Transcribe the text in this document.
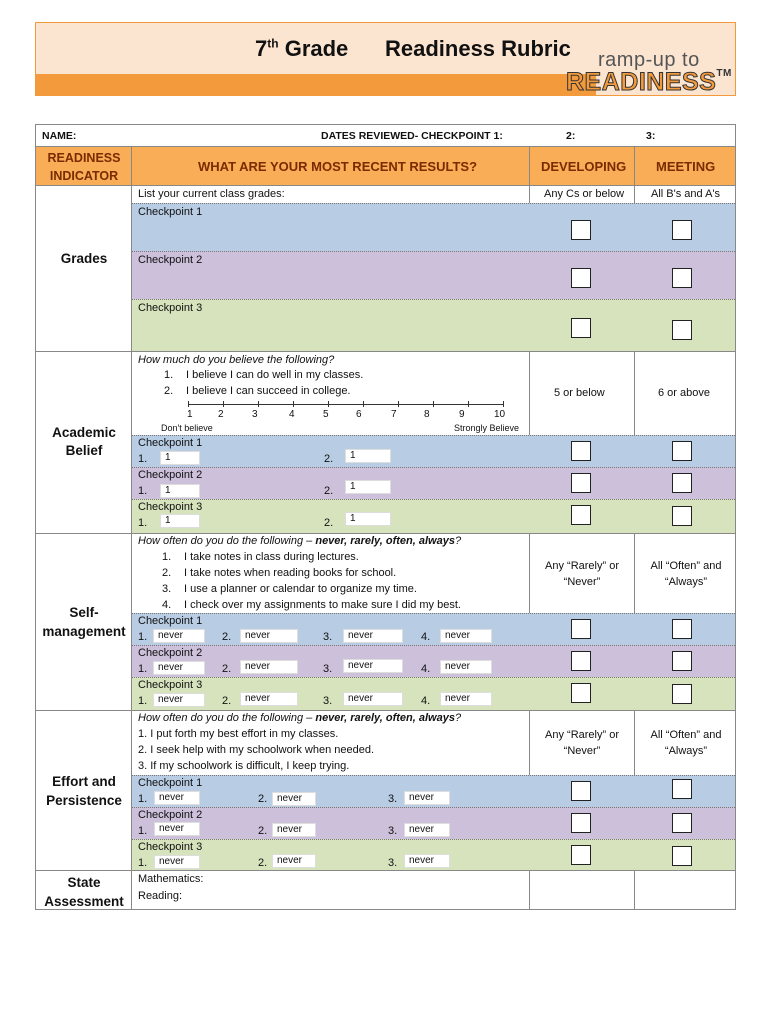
7th Grade Readiness Rubric ramp-up to
READINESS™
NAME:	DATES REVIEWED- CHECKPOINT 1:	2:	3:
READINESS INDICATOR
WHAT ARE YOUR MOST RECENT RESULTS?	DEVELOPING MEETING
Grades
List your current class grades:	Any Cs or below All B's and A's
Checkpoint 1
Checkpoint 2
Checkpoint 3
Academic Belief
How much do you believe the following?
1. I believe I can do well in my classes.
2. I believe I can succeed in college.	5 or below	6 or above
1	2	3	4	5	6	7	8	9	10
Don't believe	Strongly Believe
Checkpoint 1
1.	1	2.	1
Checkpoint 2
1.	1	2.	1
Checkpoint 3
1.	1	2.	1
Self-management
How often do you do the following – never, rarely, often, always?
1. I take notes in class during lectures.
2. I take notes when reading books for school.
3. I use a planner or calendar to organize my time.
4. I check over my assignments to make sure I did my best.
Any “Rarely” or “Never”
All “Often” and “Always”
Checkpoint 1
1.	never	2.	never	3.	never	4.	never
Checkpoint 2
1.	never	2.	never	3.	never	4.	never
Checkpoint 3
1.	never	2.	never	3.	never	4.	never
Effort and Persistence
How often do you do the following – never, rarely, often, always?
1. I put forth my best effort in my classes.
2. I seek help with my schoolwork when needed.
3. If my schoolwork is difficult, I keep trying.
Any “Rarely” or “Never”
All “Often” and “Always”
Checkpoint 1
1.	never	2. never	3.	never
Checkpoint 2
1.	never	2. never	3.	never
Checkpoint 3
1.	never	2. never	3.	never
State Assessment
Mathematics:
Reading:
